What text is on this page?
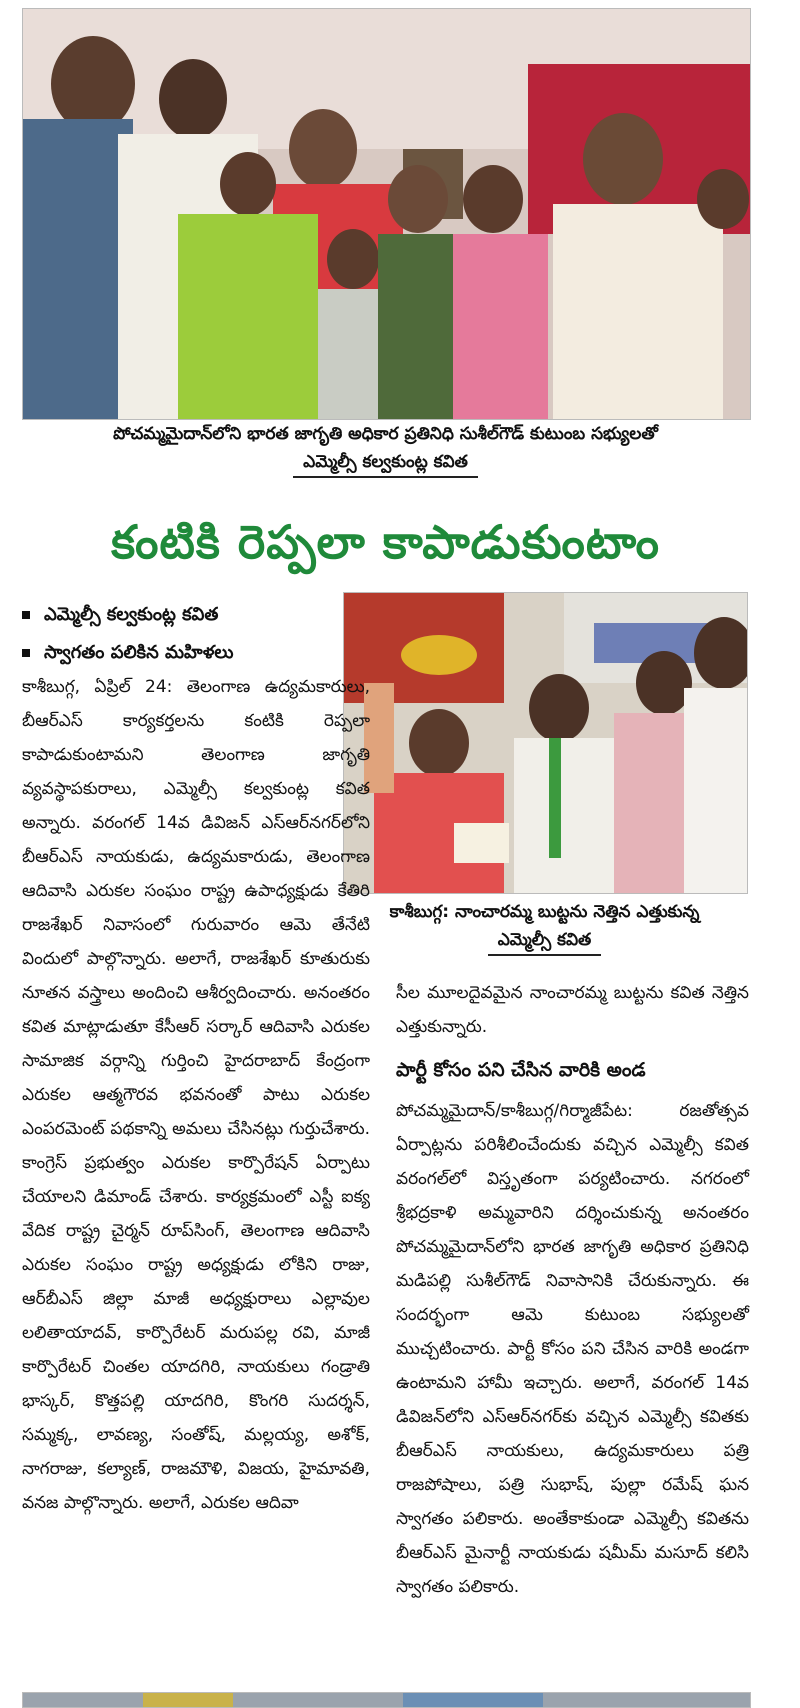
పోచమ్మమైదాన్‌లోని భారత జాగృతి అధికార ప్రతినిధి సుశీల్‌గౌడ్ కుటుంబ సభ్యులతో
ఎమ్మెల్సీ కల్వకుంట్ల కవిత
కంటికి రెప్పలా కాపాడుకుంటాం
ఎమ్మెల్సీ కల్వకుంట్ల కవిత
స్వాగతం పలికిన మహిళలు
కాశీబుగ్గ: నాంచారమ్మ బుట్టను నెత్తిన ఎత్తుకున్న
ఎమ్మెల్సీ కవిత
కాశీబుగ్గ, ఏప్రిల్ 24: తెలంగాణ ఉద్యమకారులు, బీఆర్ఎస్ కార్యకర్తలను కంటికి రెప్పలా కాపాడుకుంటామని తెలంగాణ జాగృతి వ్యవస్థాపకురాలు, ఎమ్మెల్సీ కల్వకుంట్ల కవిత అన్నారు. వరంగల్ 14వ డివిజన్ ఎస్ఆర్‌నగర్‌లోని బీఆర్ఎస్ నాయకుడు, ఉద్యమకారుడు, తెలంగాణ ఆదివాసి ఎరుకల సంఘం రాష్ట్ర ఉపాధ్యక్షుడు కేతిరి రాజశేఖర్ నివాసంలో గురువారం ఆమె తేనేటి విందులో పాల్గొన్నారు. అలాగే, రాజశేఖర్ కూతురుకు నూతన వస్త్రాలు అందించి ఆశీర్వదించారు. అనంతరం కవిత మాట్లాడుతూ కేసీఆర్ సర్కార్ ఆదివాసి ఎరుకల సామాజిక వర్గాన్ని గుర్తించి హైదరాబాద్ కేంద్రంగా ఎరుకల ఆత్మగౌరవ భవనంతో పాటు ఎరుకల ఎంపరమెంట్ పథకాన్ని అమలు చేసినట్లు గుర్తుచేశారు. కాంగ్రెస్ ప్రభుత్వం ఎరుకల కార్పొరేషన్ ఏర్పాటు చేయాలని డిమాండ్ చేశారు. కార్యక్రమంలో ఎస్టీ ఐక్య వేదిక రాష్ట్ర చైర్మన్ రూప్‌సింగ్, తెలంగాణ ఆదివాసి ఎరుకల సంఘం రాష్ట్ర అధ్యక్షుడు లోకిని రాజు, ఆర్‌బీఎస్ జిల్లా మాజీ అధ్యక్షురాలు ఎల్లావుల లలితాయాదవ్, కార్పొరేటర్ మరుపల్ల రవి, మాజీ కార్పొరేటర్ చింతల యాదగిరి, నాయకులు గండ్రాతి భాస్కర్, కొత్తపల్లి యాదగిరి, కొంగరి సుదర్శన్, సమ్మక్క, లావణ్య, సంతోష్, మల్లయ్య, అశోక్, నాగరాజు, కల్యాణ్, రాజమౌళి, విజయ, హైమావతి, వనజ పాల్గొన్నారు. అలాగే, ఎరుకల ఆదివా
సీల మూలదైవమైన నాంచారమ్మ బుట్టను కవిత నెత్తిన ఎత్తుకున్నారు.
పార్టీ కోసం పని చేసిన వారికి అండ
పోచమ్మమైదాన్/కాశీబుగ్గ/గిర్మాజీపేట: రజతోత్సవ ఏర్పాట్లను పరిశీలించేందుకు వచ్చిన ఎమ్మెల్సీ కవిత వరంగల్‌లో విస్తృతంగా పర్యటించారు. నగరంలో శ్రీభద్రకాళి అమ్మవారిని దర్శించుకున్న అనంతరం పోచమ్మమైదాన్‌లోని భారత జాగృతి అధికార ప్రతినిధి మడిపల్లి సుశీల్‌గౌడ్ నివాసానికి చేరుకున్నారు. ఈ సందర్భంగా ఆమె కుటుంబ సభ్యులతో ముచ్చటించారు. పార్టీ కోసం పని చేసిన వారికి అండగా ఉంటామని హామీ ఇచ్చారు. అలాగే, వరంగల్ 14వ డివిజన్‌లోని ఎస్ఆర్‌నగర్‌కు వచ్చిన ఎమ్మెల్సీ కవితకు బీఆర్ఎస్ నాయకులు, ఉద్యమకారులు పత్రి రాజపోషాలు, పత్రి సుభాష్, పుల్లా రమేష్ ఘన స్వాగతం పలికారు. అంతేకాకుండా ఎమ్మెల్సీ కవితను బీఆర్ఎస్ మైనార్టీ నాయకుడు షమీమ్ మసూద్ కలిసి స్వాగతం పలికారు.
